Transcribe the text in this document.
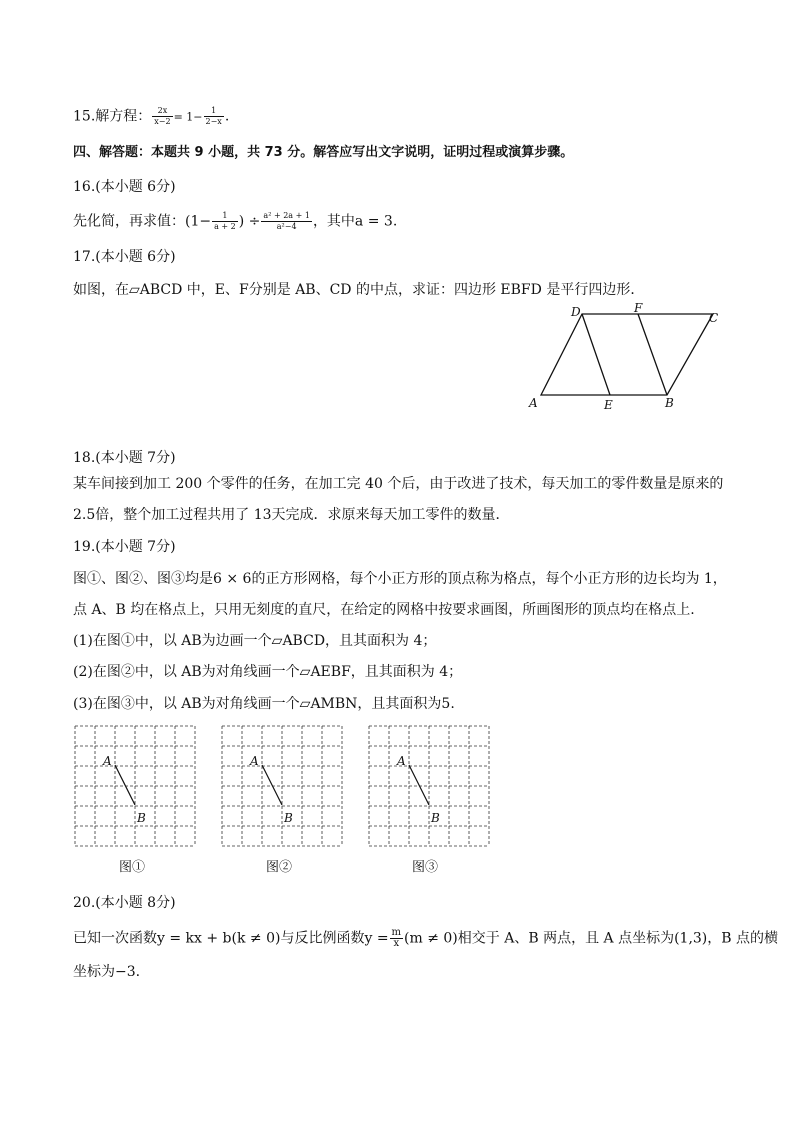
15.解方程： $\frac{2x}{x-2} = 1- \frac{1}{2-x}$ .
四、解答题：本题共 9 小题，共 73 分。解答应写出文字说明，证明过程或演算步骤。
16.(本小题 6分)
先化简，再求值：($1- \frac{1}{a + 2}$ ) ÷ $\frac{\text{a² + 2a + 1}}{\text{a²−4}}$ ，其中a = 3.
17.(本小题 6分)
如图，在▱ABCD 中，E、F分别是 AB、CD 的中点，求证：四边形 EBFD 是平行四边形．
A	B
C
D
E
F
18.(本小题 7分)
某车间接到加工 200 个零件的任务，在加工完 40 个后，由于改进了技术，每天加工的零件数量是原来的
2.5倍，整个加工过程共用了 13天完成．求原来每天加工零件的数量．
19.(本小题 7分)
图①、图②、图③均是6 × 6的正方形网格，每个小正方形的顶点称为格点，每个小正方形的边长均为 1，
点 A、B 均在格点上，只用无刻度的直尺，在给定的网格中按要求画图，所画图形的顶点均在格点上.
(1)在图①中，以 AB为边画一个▱ABCD，且其面积为 4；
(2)在图②中，以 AB为对角线画一个▱AEBF，且其面积为 4；
(3)在图③中，以 AB为对角线画一个▱AMBN，且其面积为5.
A
B
A
B
A
B
图①	图②	图③
20.(本小题 8分)
已知一次函数y = kx + b(k ≠ 0)与反比例函数$y = \frac{m}{x} (m \ne 0)$相交于 A、B 两点，且 A 点坐标为(1,3)，B 点的横
坐标为−3.
